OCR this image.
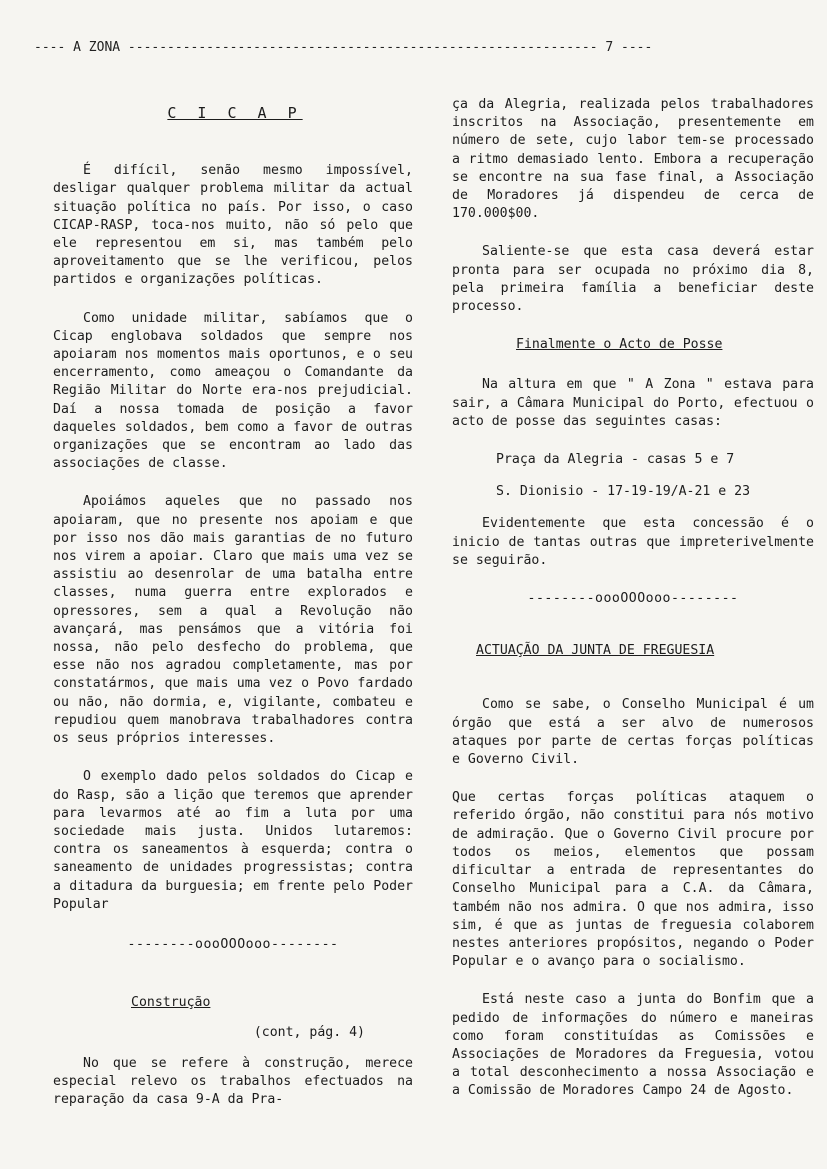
---- A ZONA ------------------------------------------------------------ 7 ----
C I C A P

É difícil, senão mesmo impossível, desligar qualquer problema militar da actual situação política no país. Por isso, o caso CICAP-RASP, toca-nos muito, não só pelo que ele representou em si, mas também pelo aproveitamento que se lhe verificou, pelos partidos e organizações políticas.

Como unidade militar, sabíamos que o Cicap englobava soldados que sempre nos apoiaram nos momentos mais oportunos, e o seu encerramento, como ameaçou o Comandante da Região Militar do Norte era-nos prejudicial. Daí a nossa tomada de posição a favor daqueles soldados, bem como a favor de outras organizações que se encontram ao lado das associações de classe.

Apoiámos aqueles que no passado nos apoiaram, que no presente nos apoiam e que por isso nos dão mais garantias de no futuro nos virem a apoiar. Claro que mais uma vez se assistiu ao desenrolar de uma batalha entre classes, numa guerra entre explorados e opressores, sem a qual a Revolução não avançará, mas pensámos que a vitória foi nossa, não pelo desfecho do problema, que esse não nos agradou completamente, mas por constatármos, que mais uma vez o Povo fardado ou não, não dormia, e, vigilante, combateu e repudiou quem manobrava trabalhadores contra os seus próprios interesses.

O exemplo dado pelos soldados do Cicap e do Rasp, são a lição que teremos que aprender para levarmos até ao fim a luta por uma sociedade mais justa. Unidos lutaremos: contra os saneamentos à esquerda; contra o saneamento de unidades progressistas; contra a ditadura da burguesia; em frente pelo Poder Popular

--------oooOOOooo--------
Construção
(cont, pág. 4)

No que se refere à construção, merece especial relevo os trabalhos efectuados na reparação da casa 9-A da Pra-

ça da Alegria, realizada pelos trabalhadores inscritos na Associação, presentemente em número de sete, cujo labor tem-se processado a ritmo demasiado lento. Embora a recuperação se encontre na sua fase final, a Associação de Moradores já dispendeu de cerca de 170.000$00.

Saliente-se que esta casa deverá estar pronta para ser ocupada no próximo dia 8, pela primeira família a beneficiar deste processo.

Finalmente o Acto de Posse

Na altura em que " A Zona " estava para sair, a Câmara Municipal do Porto, efectuou o acto de posse das seguintes casas:

Praça da Alegria - casas 5 e 7
S. Dionisio - 17-19-19/A-21 e 23

Evidentemente que esta concessão é o inicio de tantas outras que impreterivelmente se seguirão.

--------oooOOOooo--------
ACTUAÇÃO DA JUNTA DE FREGUESIA

Como se sabe, o Conselho Municipal é um órgão que está a ser alvo de numerosos ataques por parte de certas forças políticas e Governo Civil.

Que certas forças políticas ataquem o referido órgão, não constitui para nós motivo de admiração. Que o Governo Civil procure por todos os meios, elementos que possam dificultar a entrada de representantes do Conselho Municipal para a C.A. da Câmara, também não nos admira. O que nos admira, isso sim, é que as juntas de freguesia colaborem nestes anteriores propósitos, negando o Poder Popular e o avanço para o socialismo.

Está neste caso a junta do Bonfim que a pedido de informações do número e maneiras como foram constituídas as Comissões e Associações de Moradores da Freguesia, votou a total desconhecimento a nossa Associação e a Comissão de Moradores Campo 24 de Agosto.
